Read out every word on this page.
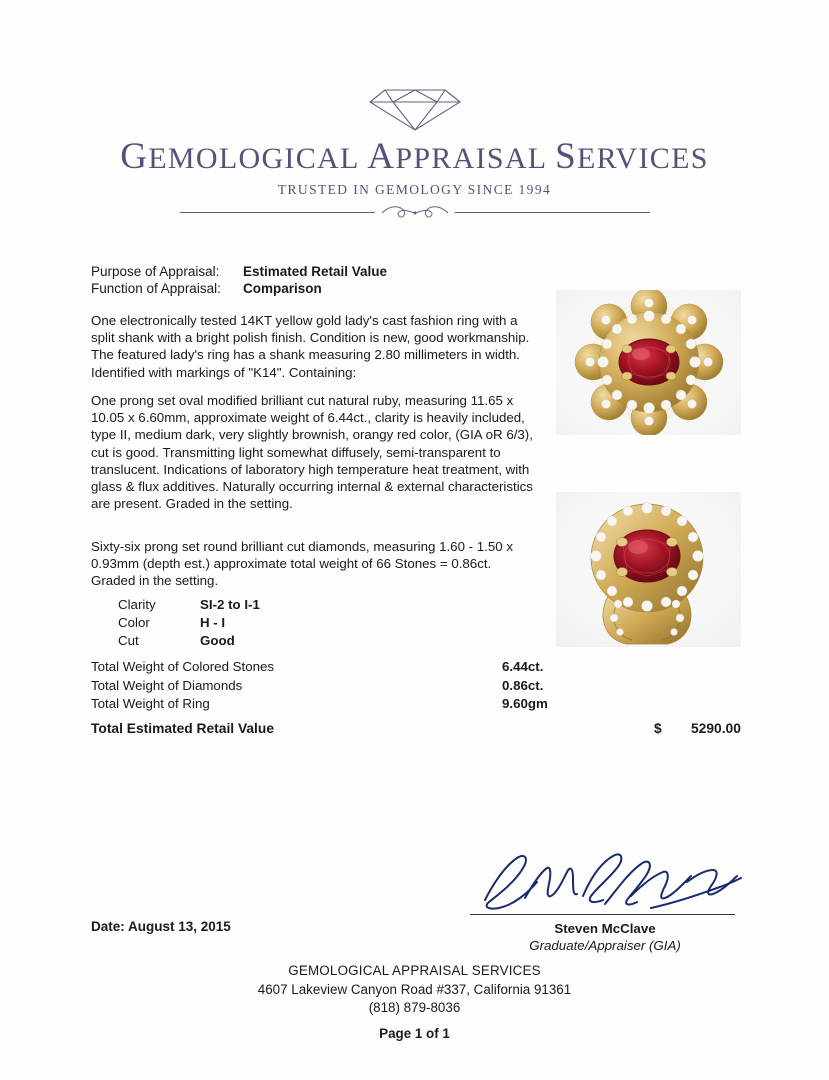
GEMOLOGICAL APPRAISAL SERVICES
TRUSTED IN GEMOLOGY SINCE 1994
Purpose of Appraisal: Estimated Retail Value
Function of Appraisal: Comparison
One electronically tested 14KT yellow gold lady's cast fashion ring with a split shank with a bright polish finish. Condition is new, good workmanship. The featured lady's ring has a shank measuring 2.80 millimeters in width. Identified with markings of "K14". Containing:
One prong set oval modified brilliant cut natural ruby, measuring 11.65 x 10.05 x 6.60mm, approximate weight of 6.44ct., clarity is heavily included, type II, medium dark, very slightly brownish, orangy red color, (GIA oR 6/3), cut is good. Transmitting light somewhat diffusely, semi-transparent to translucent. Indications of laboratory high temperature heat treatment, with glass & flux additives. Naturally occurring internal & external characteristics are present. Graded in the setting.
Sixty-six prong set round brilliant cut diamonds, measuring 1.60 - 1.50 x 0.93mm (depth est.) approximate total weight of 66 Stones = 0.86ct. Graded in the setting.
Clarity	SI-2 to I-1
Color	H - I
Cut	Good
Total Weight of Colored Stones	6.44ct.
Total Weight of Diamonds	0.86ct.
Total Weight of Ring	9.60gm
Total Estimated Retail Value	$ 5290.00
Date: August 13, 2015	Steven McClave
Graduate/Appraiser (GIA)
GEMOLOGICAL APPRAISAL SERVICES
4607 Lakeview Canyon Road #337, California 91361
(818) 879-8036
Page 1 of 1
